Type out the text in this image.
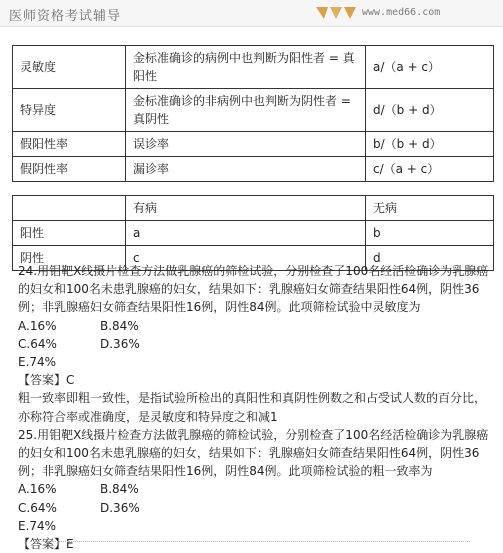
医师资格考试辅导	www.med66.com
灵敏度	金标准确诊的病例中也判断为阳性者 = 真阳性	a/（a + c）
特异度	金标准确诊的非病例中也判断为阴性者 = 真阴性	d/（b + d）
假阳性率	误诊率	b/（b + d）
假阴性率	漏诊率	c/（a + c）
	有病	无病
阳性	a	b
阴性	c	d

24.用钼靶X线摄片检查方法做乳腺癌的筛检试验，分别检查了100名经活检确诊为乳腺癌的妇女和100名未患乳腺癌的妇女，结果如下：乳腺癌妇女筛查结果阳性64例，阴性36例；非乳腺癌妇女筛查结果阳性16例，阴性84例。此项筛检试验中灵敏度为

A.16%	B.84%
C.64%	D.36%
E.74%

【答案】C

粗一致率即粗一致性，是指试验所检出的真阳性和真阴性例数之和占受试人数的百分比，亦称符合率或准确度，是灵敏度和特异度之和减1

25.用钼靶X线摄片检查方法做乳腺癌的筛检试验，分别检查了100名经活检确诊为乳腺癌的妇女和100名未患乳腺癌的妇女，结果如下：乳腺癌妇女筛查结果阳性64例，阴性36例；非乳腺癌妇女筛查结果阳性16例，阴性84例。此项筛检试验的粗一致率为

A.16%	B.84%
C.64%	D.36%
E.74%

【答案】E
